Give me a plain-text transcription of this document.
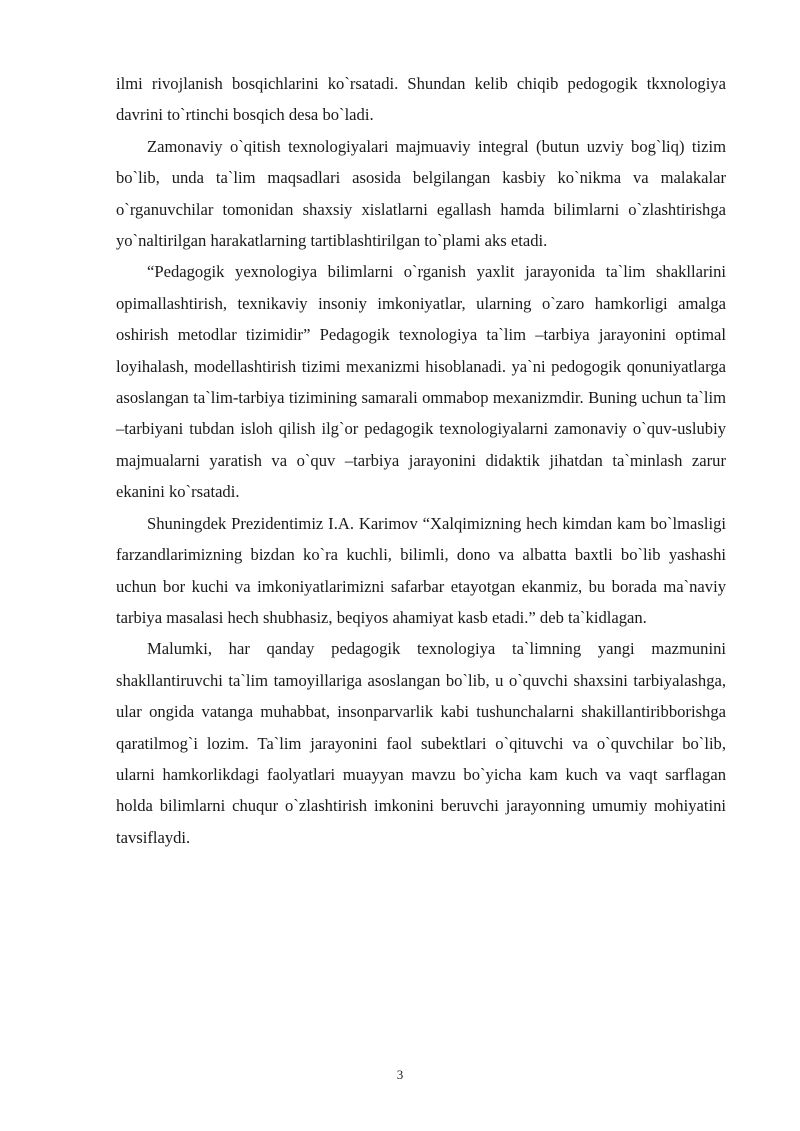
ilmi rivojlanish bosqichlarini ko`rsatadi. Shundan kelib chiqib pedogogik tkxnologiya davrini to`rtinchi bosqich desa bo`ladi.

Zamonaviy o`qitish texnologiyalari majmuaviy integral (butun uzviy bog`liq) tizim bo`lib, unda ta`lim maqsadlari asosida belgilangan kasbiy ko`nikma va malakalar o`rganuvchilar tomonidan shaxsiy xislatlarni egallash hamda bilimlarni o`zlashtirishga yo`naltirilgan harakatlarning tartiblashtirilgan to`plami aks etadi.

“Pedagogik yexnologiya bilimlarni o`rganish yaxlit jarayonida ta`lim shakllarini opimallashtirish, texnikaviy insoniy imkoniyatlar, ularning o`zaro hamkorligi amalga oshirish metodlar tizimidir” Pedagogik texnologiya ta`lim –tarbiya jarayonini optimal loyihalash, modellashtirish tizimi mexanizmi hisoblanadi. ya`ni pedogogik qonuniyatlarga asoslangan ta`lim-tarbiya tizimining samarali ommabop mexanizmdir. Buning uchun ta`lim –tarbiyani tubdan isloh qilish ilg`or pedagogik texnologiyalarni zamonaviy o`quv-uslubiy majmualarni yaratish va o`quv –tarbiya jarayonini didaktik jihatdan ta`minlash zarur ekanini ko`rsatadi.

Shuningdek Prezidentimiz I.A. Karimov “Xalqimizning hech kimdan kam bo`lmasligi farzandlarimizning bizdan ko`ra kuchli, bilimli, dono va albatta baxtli bo`lib yashashi uchun bor kuchi va imkoniyatlarimizni safarbar etayotgan ekanmiz, bu borada ma`naviy tarbiya masalasi hech shubhasiz, beqiyos ahamiyat kasb etadi.” deb ta`kidlagan.

Malumki, har qanday pedagogik texnologiya ta`limning yangi mazmunini shakllantiruvchi ta`lim tamoyillariga asoslangan bo`lib, u o`quvchi shaxsini tarbiyalashga, ular ongida vatanga muhabbat, insonparvarlik kabi tushunchalarni shakillantiribborishga qaratilmog`i lozim. Ta`lim jarayonini faol subektlari o`qituvchi va o`quvchilar bo`lib, ularni hamkorlikdagi faolyatlari muayyan mavzu bo`yicha kam kuch va vaqt sarflagan holda bilimlarni chuqur o`zlashtirish imkonini beruvchi jarayonning umumiy mohiyatini tavsiflaydi.

3
